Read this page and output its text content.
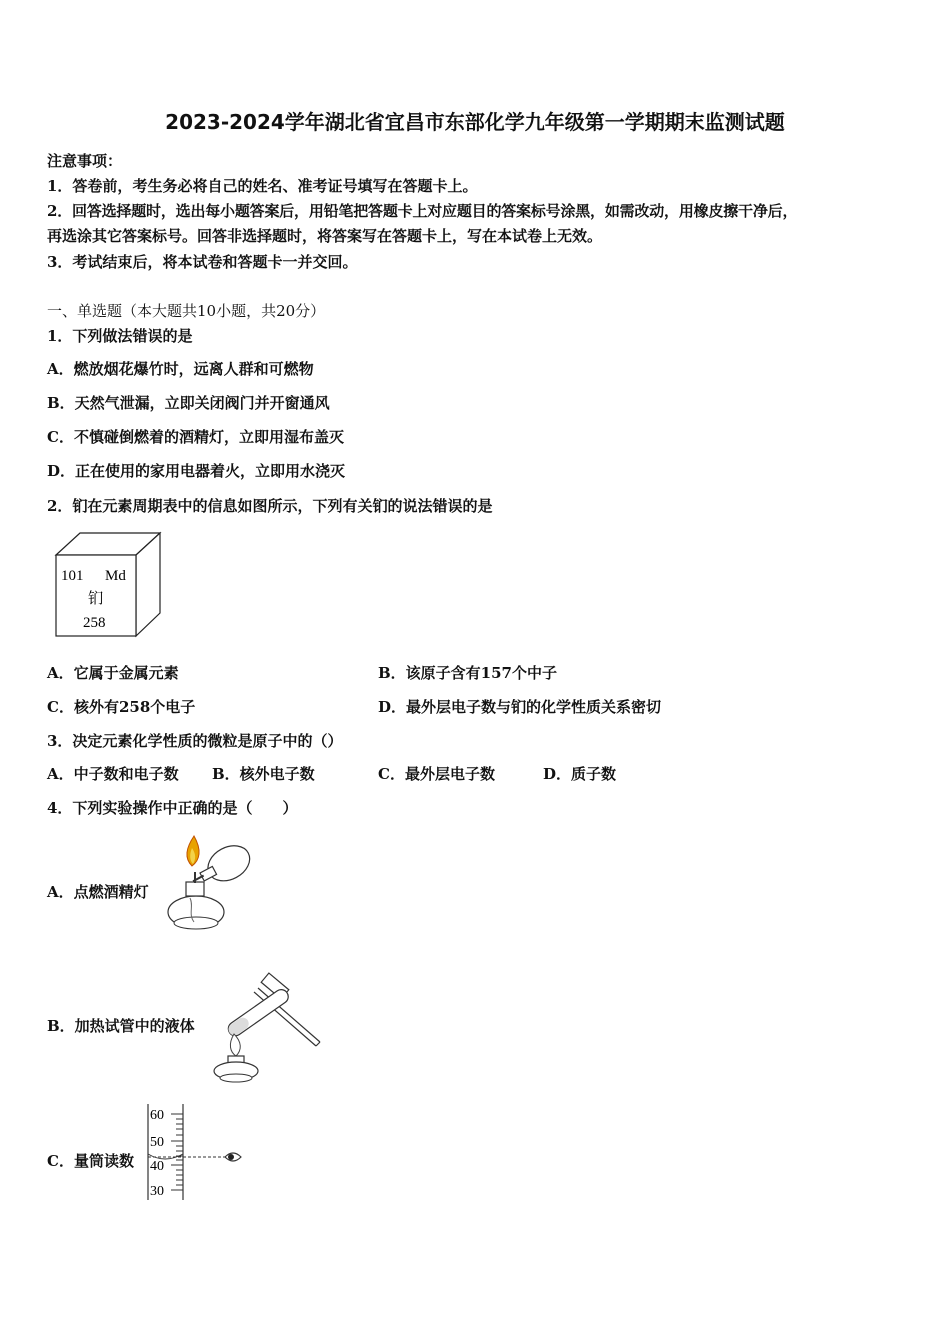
2023-2024学年湖北省宜昌市东部化学九年级第一学期期末监测试题
注意事项：
1．答卷前，考生务必将自己的姓名、准考证号填写在答题卡上。
2．回答选择题时，选出每小题答案后，用铅笔把答题卡上对应题目的答案标号涂黑，如需改动，用橡皮擦干净后，
再选涂其它答案标号。回答非选择题时，将答案写在答题卡上，写在本试卷上无效。
3．考试结束后，将本试卷和答题卡一并交回。
一、单选题（本大题共10小题，共20分）
1．下列做法错误的是
A．燃放烟花爆竹时，远离人群和可燃物
B．天然气泄漏，立即关闭阀门并开窗通风
C．不慎碰倒燃着的酒精灯，立即用湿布盖灭
D．正在使用的家用电器着火，立即用水浇灭
2．钔在元素周期表中的信息如图所示，下列有关钔的说法错误的是
101 Md
钔
258
A．它属于金属元素	B．该原子含有157个中子
C．核外有258个电子	D．最外层电子数与钔的化学性质关系密切
3．决定元素化学性质的微粒是原子中的（）
A．中子数和电子数 B．核外电子数	C．最外层电子数	D．质子数
4．下列实验操作中正确的是（　　）
A．点燃酒精灯
B．加热试管中的液体
C．量筒读数
60
50
40
30
